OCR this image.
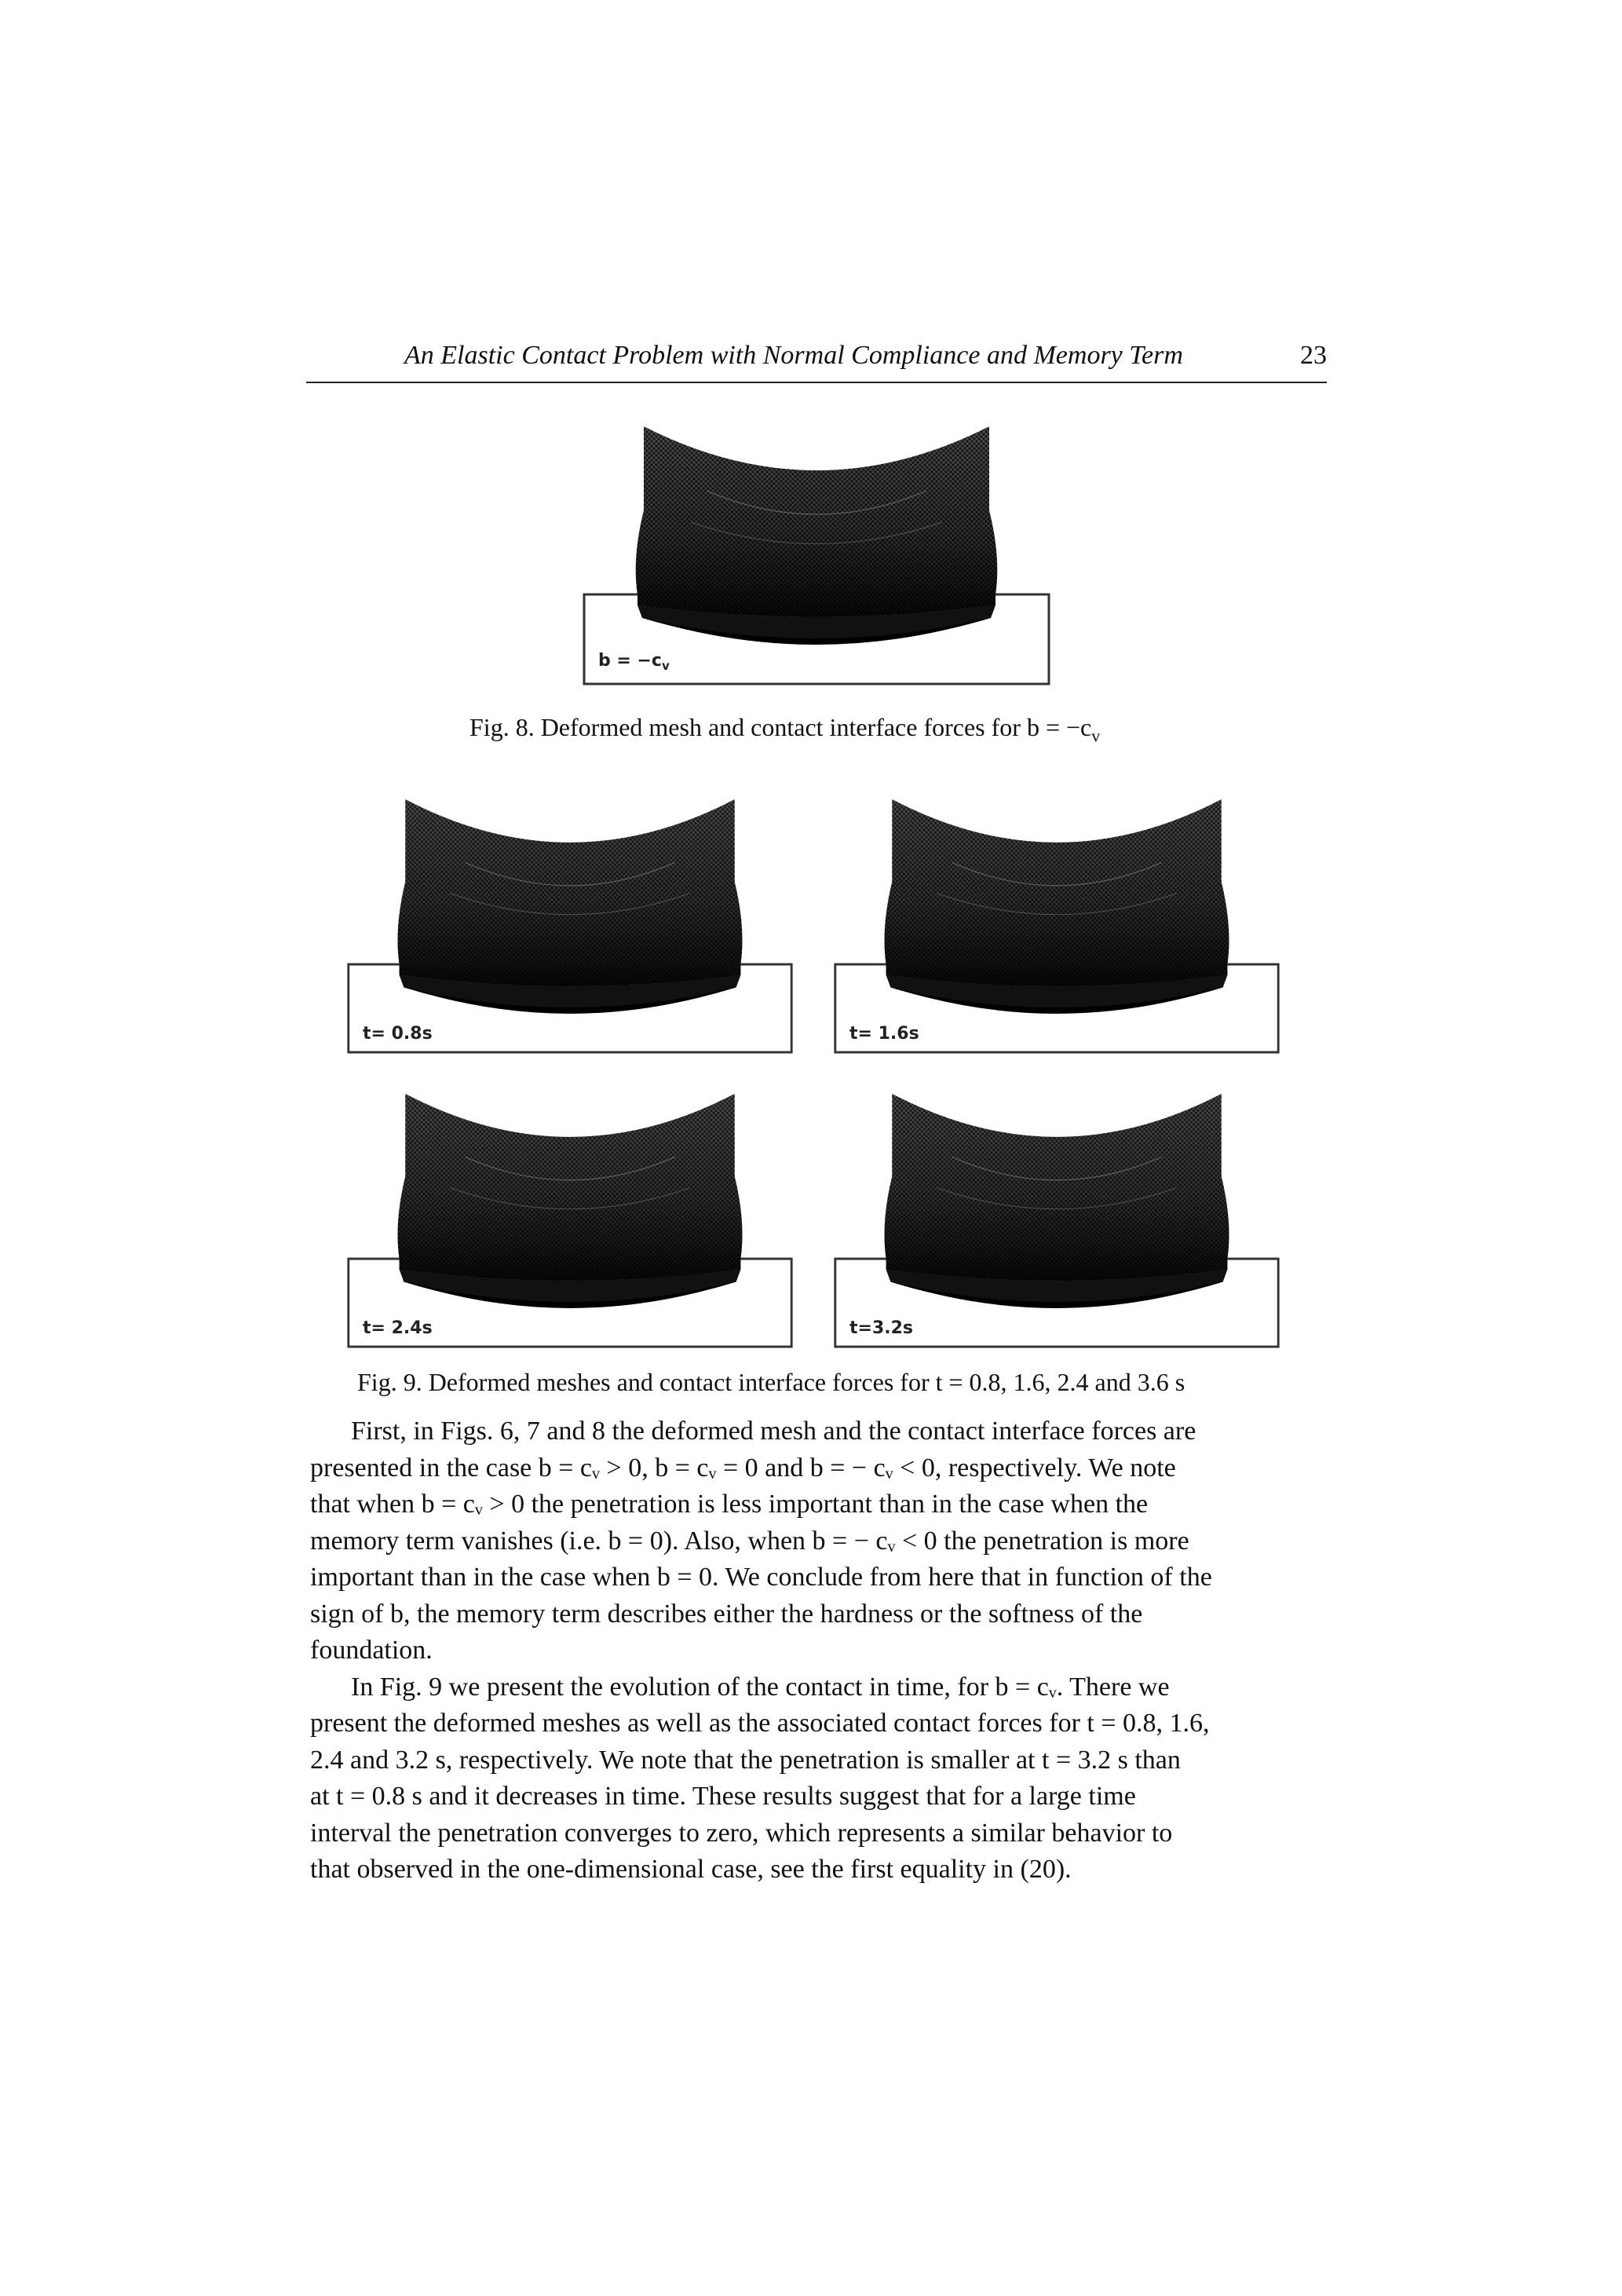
An Elastic Contact Problem with Normal Compliance and Memory Term	23
$b = -c_v$
Fig. 8. Deformed mesh and contact interface forces for $b = -c_v$
t= 0.8s	t= 1.6s
t= 2.4s	t=3.2s
Fig. 9. Deformed meshes and contact interface forces for t = 0.8, 1.6, 2.4 and 3.6 s

First, in Figs. 6, 7 and 8 the deformed mesh and the contact interface forces are
presented in the case b = cᵥ > 0, b = cᵥ = 0 and b = − cᵥ < 0, respectively. We note
that when b = cᵥ > 0 the penetration is less important than in the case when the
memory term vanishes (i.e. b = 0). Also, when b = − cᵥ < 0 the penetration is more
important than in the case when b = 0. We conclude from here that in function of the
sign of b, the memory term describes either the hardness or the softness of the
foundation.

In Fig. 9 we present the evolution of the contact in time, for b = cᵥ. There we
present the deformed meshes as well as the associated contact forces for t = 0.8, 1.6,
2.4 and 3.2 s, respectively. We note that the penetration is smaller at t = 3.2 s than
at t = 0.8 s and it decreases in time. These results suggest that for a large time
interval the penetration converges to zero, which represents a similar behavior to
that observed in the one-dimensional case, see the first equality in (20).
